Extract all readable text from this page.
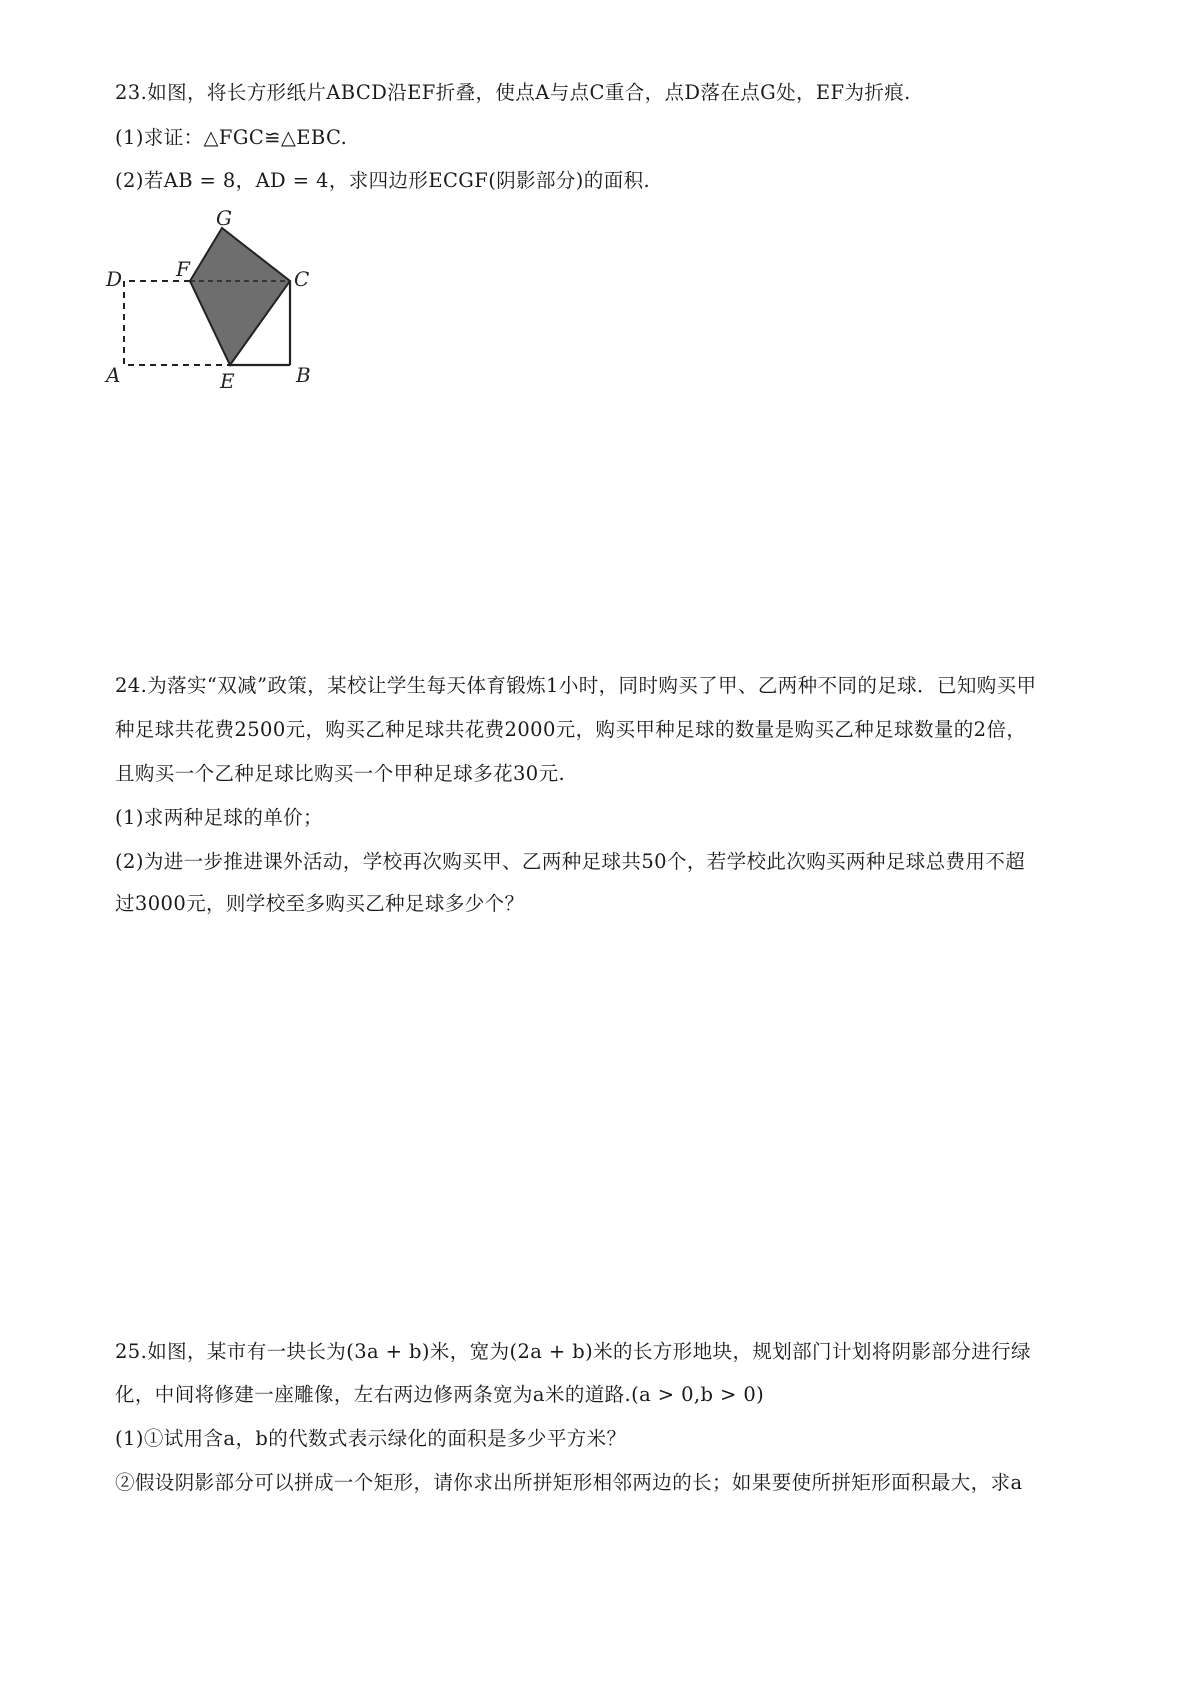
23.如图，将长方形纸片ABCD沿EF折叠，使点A与点C重合，点D落在点G处，EF为折痕.
(1)求证：△FGC≌△EBC.
(2)若AB = 8，AD = 4，求四边形ECGF(阴影部分)的面积.
G
D	F	C
A	E	B
24.为落实“双减”政策，某校让学生每天体育锻炼1小时，同时购买了甲、乙两种不同的足球．已知购买甲
种足球共花费2500元，购买乙种足球共花费2000元，购买甲种足球的数量是购买乙种足球数量的2倍，
且购买一个乙种足球比购买一个甲种足球多花30元.
(1)求两种足球的单价；
(2)为进一步推进课外活动，学校再次购买甲、乙两种足球共50个，若学校此次购买两种足球总费用不超
过3000元，则学校至多购买乙种足球多少个？
25.如图，某市有一块长为(3a + b)米，宽为(2a + b)米的长方形地块，规划部门计划将阴影部分进行绿
化，中间将修建一座雕像，左右两边修两条宽为a米的道路.(a > 0,b > 0)
(1)①试用含a，b的代数式表示绿化的面积是多少平方米？
②假设阴影部分可以拼成一个矩形，请你求出所拼矩形相邻两边的长；如果要使所拼矩形面积最大，求a
